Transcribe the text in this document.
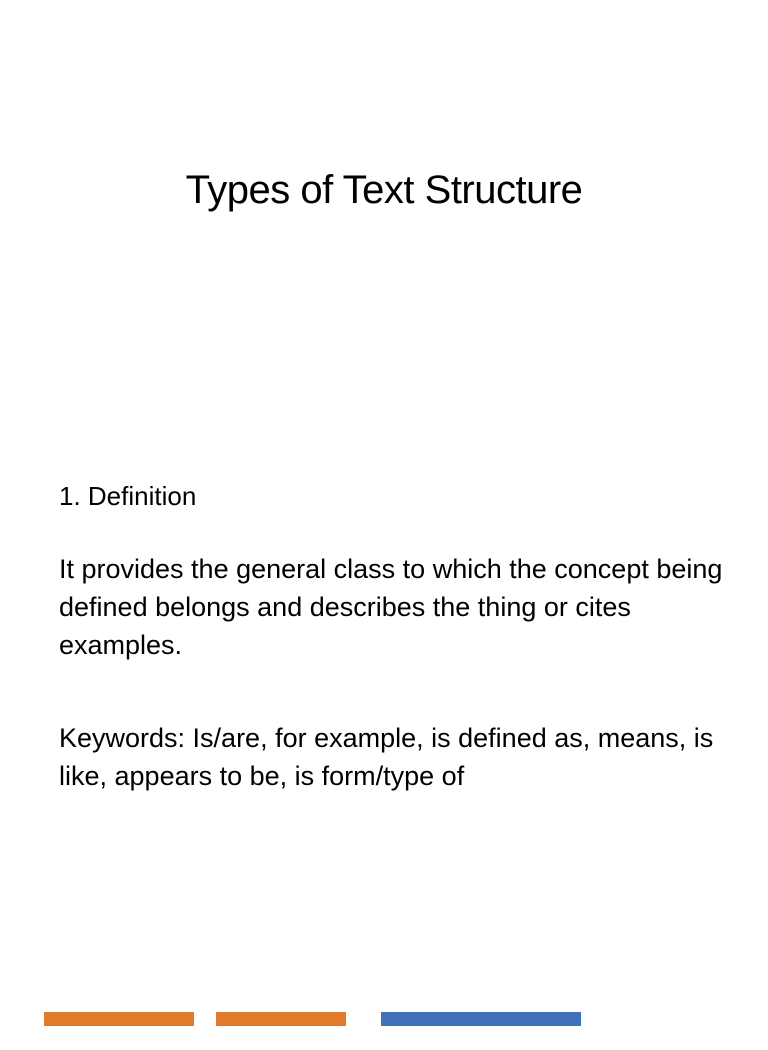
Types of Text Structure
1. Definition
It provides the general class to which the concept being defined belongs and describes the thing or cites examples.
Keywords: Is/are, for example, is defined as, means, is like, appears to be, is form/type of
